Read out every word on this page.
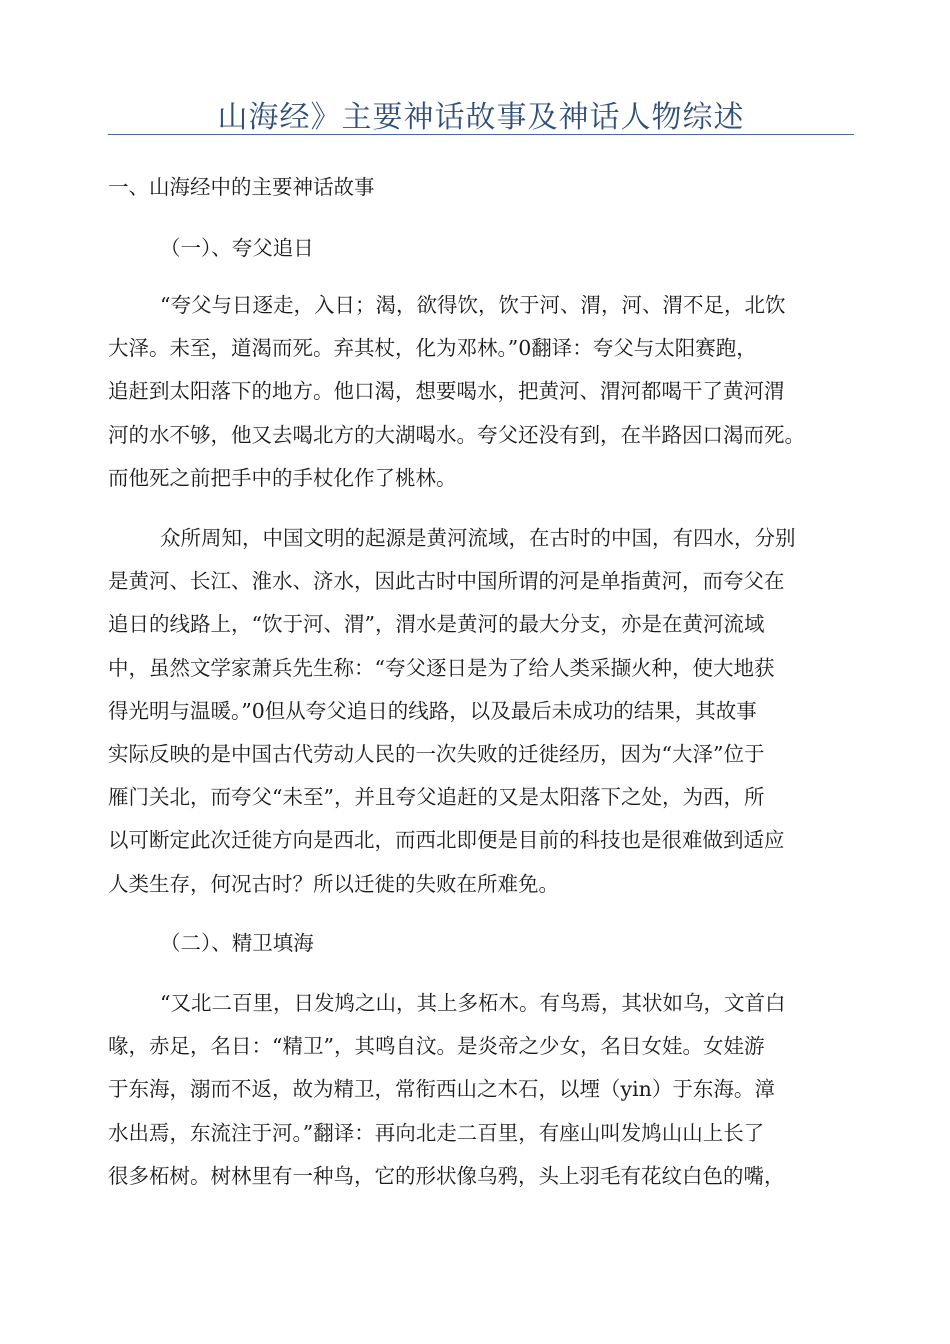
山海经》主要神话故事及神话人物综述
一、山海经中的主要神话故事
（一）、夸父追日
“夸父与日逐走，入日；渴，欲得饮，饮于河、渭，河、渭不足，北饮
大泽。未至，道渴而死。弃其杖，化为邓林。”0翻译：夸父与太阳赛跑，
追赶到太阳落下的地方。他口渴，想要喝水，把黄河、渭河都喝干了黄河渭
河的水不够，他又去喝北方的大湖喝水。夸父还没有到，在半路因口渴而死。
而他死之前把手中的手杖化作了桃林。
众所周知，中国文明的起源是黄河流域，在古时的中国，有四水，分别
是黄河、长江、淮水、济水，因此古时中国所谓的河是单指黄河，而夸父在
追日的线路上，“饮于河、渭”，渭水是黄河的最大分支，亦是在黄河流域
中，虽然文学家萧兵先生称：“夸父逐日是为了给人类采撷火种，使大地获
得光明与温暖。”0但从夸父追日的线路，以及最后未成功的结果，其故事
实际反映的是中国古代劳动人民的一次失败的迁徙经历，因为“大泽”位于
雁门关北，而夸父“未至”，并且夸父追赶的又是太阳落下之处，为西，所
以可断定此次迁徙方向是西北，而西北即便是目前的科技也是很难做到适应
人类生存，何况古时？所以迁徙的失败在所难免。
（二）、精卫填海
“又北二百里，日发鸠之山，其上多柘木。有鸟焉，其状如乌，文首白
喙，赤足，名日：“精卫”，其鸣自汶。是炎帝之少女，名日女娃。女娃游
于东海，溺而不返，故为精卫，常衔西山之木石，以堙（yin）于东海。漳
水出焉，东流注于河。”翻译：再向北走二百里，有座山叫发鸠山山上长了
很多柘树。树林里有一种鸟，它的形状像乌鸦，头上羽毛有花纹白色的嘴，
